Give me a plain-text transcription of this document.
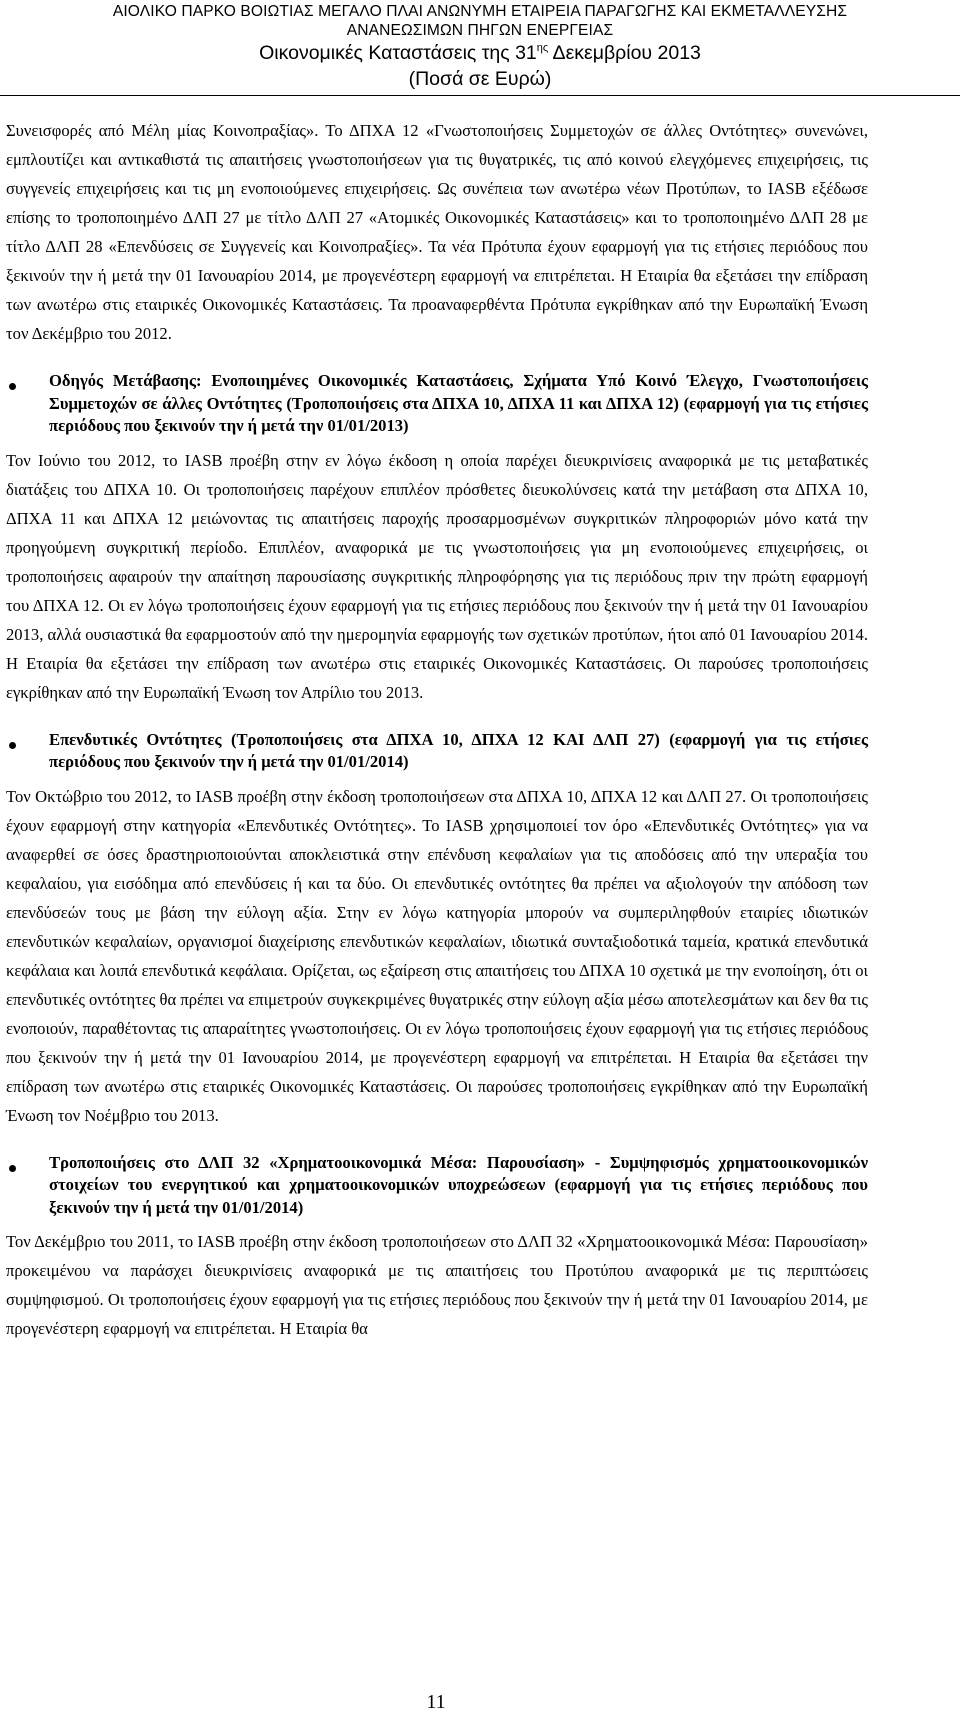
ΑΙΟΛΙΚΟ ΠΑΡΚΟ ΒΟΙΩΤΙΑΣ ΜΕΓΑΛΟ ΠΛΑΙ ΑΝΩΝΥΜΗ ΕΤΑΙΡΕΙΑ ΠΑΡΑΓΩΓΗΣ ΚΑΙ ΕΚΜΕΤΑΛΛΕΥΣΗΣ
ΑΝΑΝΕΩΣΙΜΩΝ ΠΗΓΩΝ ΕΝΕΡΓΕΙΑΣ
Οικονομικές Καταστάσεις της $31^{\eta\varsigma}$ Δεκεμβρίου 2013
(Ποσά σε Ευρώ)

Συνεισφορές από Μέλη μίας Κοινοπραξίας». Το ΔΠΧΑ 12 «Γνωστοποιήσεις Συμμετοχών σε άλλες Οντότητες» συνενώνει, εμπλουτίζει και αντικαθιστά τις απαιτήσεις γνωστοποιήσεων για τις θυγατρικές, τις από κοινού ελεγχόμενες επιχειρήσεις, τις συγγενείς επιχειρήσεις και τις μη ενοποιούμενες επιχειρήσεις. Ως συνέπεια των ανωτέρω νέων Προτύπων, το IASB εξέδωσε επίσης το τροποποιημένο ΔΛΠ 27 με τίτλο ΔΛΠ 27 «Ατομικές Οικονομικές Καταστάσεις» και το τροποποιημένο ΔΛΠ 28 με τίτλο ΔΛΠ 28 «Επενδύσεις σε Συγγενείς και Κοινοπραξίες». Τα νέα Πρότυπα έχουν εφαρμογή για τις ετήσιες περιόδους που ξεκινούν την ή μετά την 01 Ιανουαρίου 2014, με προγενέστερη εφαρμογή να επιτρέπεται. Η Εταιρία θα εξετάσει την επίδραση των ανωτέρω στις εταιρικές Οικονομικές Καταστάσεις. Τα προαναφερθέντα Πρότυπα εγκρίθηκαν από την Ευρωπαϊκή Ένωση τον Δεκέμβριο του 2012.

Οδηγός Μετάβασης: Ενοποιημένες Οικονομικές Καταστάσεις, Σχήματα Υπό Κοινό Έλεγχο, Γνωστοποιήσεις Συμμετοχών σε άλλες Οντότητες (Τροποποιήσεις στα ΔΠΧΑ 10, ΔΠΧΑ 11 και ΔΠΧΑ 12) (εφαρμογή για τις ετήσιες περιόδους που ξεκινούν την ή μετά την 01/01/2013)

Τον Ιούνιο του 2012, το IASB προέβη στην εν λόγω έκδοση η οποία παρέχει διευκρινίσεις αναφορικά με τις μεταβατικές διατάξεις του ΔΠΧΑ 10. Οι τροποποιήσεις παρέχουν επιπλέον πρόσθετες διευκολύνσεις κατά την μετάβαση στα ΔΠΧΑ 10, ΔΠΧΑ 11 και ΔΠΧΑ 12 μειώνοντας τις απαιτήσεις παροχής προσαρμοσμένων συγκριτικών πληροφοριών μόνο κατά την προηγούμενη συγκριτική περίοδο. Επιπλέον, αναφορικά με τις γνωστοποιήσεις για μη ενοποιούμενες επιχειρήσεις, οι τροποποιήσεις αφαιρούν την απαίτηση παρουσίασης συγκριτικής πληροφόρησης για τις περιόδους πριν την πρώτη εφαρμογή του ΔΠΧΑ 12. Οι εν λόγω τροποποιήσεις έχουν εφαρμογή για τις ετήσιες περιόδους που ξεκινούν την ή μετά την 01 Ιανουαρίου 2013, αλλά ουσιαστικά θα εφαρμοστούν από την ημερομηνία εφαρμογής των σχετικών προτύπων, ήτοι από 01 Ιανουαρίου 2014. Η Εταιρία θα εξετάσει την επίδραση των ανωτέρω στις εταιρικές Οικονομικές Καταστάσεις. Οι παρούσες τροποποιήσεις εγκρίθηκαν από την Ευρωπαϊκή Ένωση τον Απρίλιο του 2013.

Επενδυτικές Οντότητες (Τροποποιήσεις στα ΔΠΧΑ 10, ΔΠΧΑ 12 ΚΑΙ ΔΛΠ 27) (εφαρμογή για τις ετήσιες περιόδους που ξεκινούν την ή μετά την 01/01/2014)

Τον Οκτώβριο του 2012, το IASB προέβη στην έκδοση τροποποιήσεων στα ΔΠΧΑ 10, ΔΠΧΑ 12 και ΔΛΠ 27. Οι τροποποιήσεις έχουν εφαρμογή στην κατηγορία «Επενδυτικές Οντότητες». Το IASB χρησιμοποιεί τον όρο «Επενδυτικές Οντότητες» για να αναφερθεί σε όσες δραστηριοποιούνται αποκλειστικά στην επένδυση κεφαλαίων για τις αποδόσεις από την υπεραξία του κεφαλαίου, για εισόδημα από επενδύσεις ή και τα δύο. Οι επενδυτικές οντότητες θα πρέπει να αξιολογούν την απόδοση των επενδύσεών τους με βάση την εύλογη αξία. Στην εν λόγω κατηγορία μπορούν να συμπεριληφθούν εταιρίες ιδιωτικών επενδυτικών κεφαλαίων, οργανισμοί διαχείρισης επενδυτικών κεφαλαίων, ιδιωτικά συνταξιοδοτικά ταμεία, κρατικά επενδυτικά κεφάλαια και λοιπά επενδυτικά κεφάλαια. Ορίζεται, ως εξαίρεση στις απαιτήσεις του ΔΠΧΑ 10 σχετικά με την ενοποίηση, ότι οι επενδυτικές οντότητες θα πρέπει να επιμετρούν συγκεκριμένες θυγατρικές στην εύλογη αξία μέσω αποτελεσμάτων και δεν θα τις ενοποιούν, παραθέτοντας τις απαραίτητες γνωστοποιήσεις. Οι εν λόγω τροποποιήσεις έχουν εφαρμογή για τις ετήσιες περιόδους που ξεκινούν την ή μετά την 01 Ιανουαρίου 2014, με προγενέστερη εφαρμογή να επιτρέπεται. Η Εταιρία θα εξετάσει την επίδραση των ανωτέρω στις εταιρικές Οικονομικές Καταστάσεις. Οι παρούσες τροποποιήσεις εγκρίθηκαν από την Ευρωπαϊκή Ένωση τον Νοέμβριο του 2013.

Τροποποιήσεις στο ΔΛΠ 32 «Χρηματοοικονομικά Μέσα: Παρουσίαση» - Συμψηφισμός χρηματοοικονομικών στοιχείων του ενεργητικού και χρηματοοικονομικών υποχρεώσεων (εφαρμογή για τις ετήσιες περιόδους που ξεκινούν την ή μετά την 01/01/2014)

Τον Δεκέμβριο του 2011, το IASB προέβη στην έκδοση τροποποιήσεων στο ΔΛΠ 32 «Χρηματοοικονομικά Μέσα: Παρουσίαση» προκειμένου να παράσχει διευκρινίσεις αναφορικά με τις απαιτήσεις του Προτύπου αναφορικά με τις περιπτώσεις συμψηφισμού. Οι τροποποιήσεις έχουν εφαρμογή για τις ετήσιες περιόδους που ξεκινούν την ή μετά την 01 Ιανουαρίου 2014, με προγενέστερη εφαρμογή να επιτρέπεται. Η Εταιρία θα

11
